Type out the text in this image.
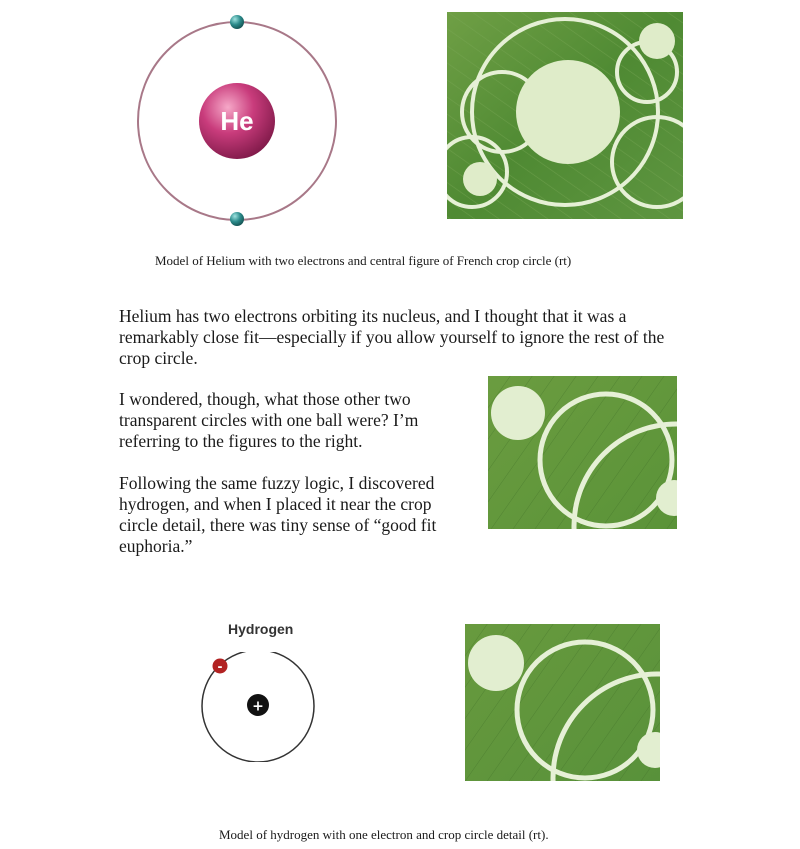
He
Model of Helium with two electrons and central figure of French crop circle (rt)

Helium has two electrons orbiting its nucleus, and I thought that it was a remarkably close fit—especially if you allow yourself to ignore the rest of the crop circle.

I wondered, though, what those other two transparent circles with one ball were? I’m referring to the figures to the right.

Following the same fuzzy logic, I discovered hydrogen, and when I placed it near the crop circle detail, there was tiny sense of “good fit euphoria.”

Hydrogen
+
-
Model of hydrogen with one electron and crop circle detail (rt).
